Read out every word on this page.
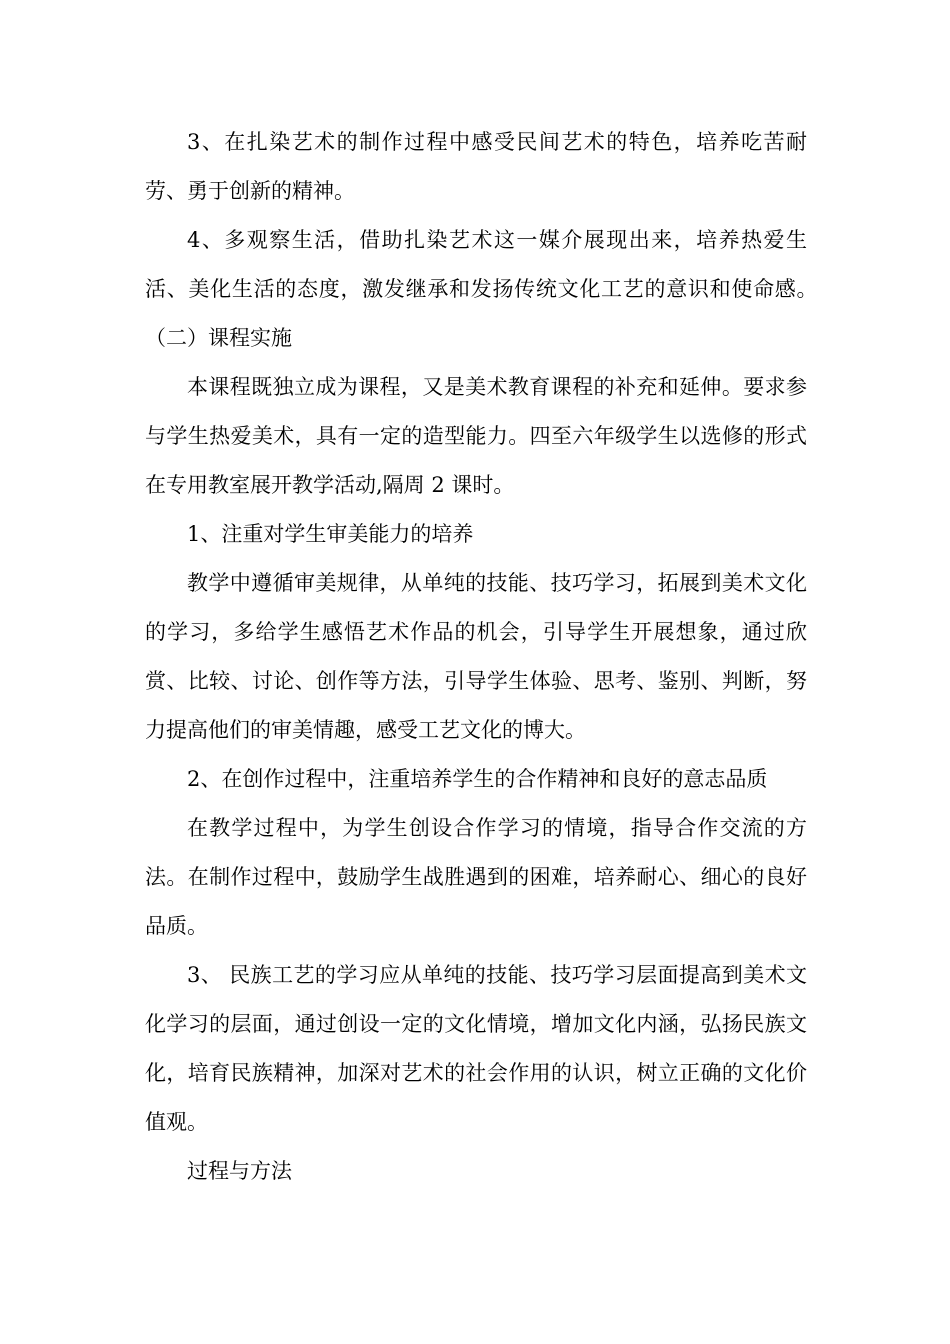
3、在扎染艺术的制作过程中感受民间艺术的特色，培养吃苦耐劳、勇于创新的精神。

4、多观察生活，借助扎染艺术这一媒介展现出来，培养热爱生活、美化生活的态度，激发继承和发扬传统文化工艺的意识和使命感。　（二）课程实施

本课程既独立成为课程，又是美术教育课程的补充和延伸。要求参与学生热爱美术，具有一定的造型能力。四至六年级学生以选修的形式在专用教室展开教学活动,隔周 2 课时。

1、注重对学生审美能力的培养

教学中遵循审美规律，从单纯的技能、技巧学习，拓展到美术文化的学习，多给学生感悟艺术作品的机会，引导学生开展想象，通过欣赏、比较、讨论、创作等方法，引导学生体验、思考、鉴别、判断，努力提高他们的审美情趣，感受工艺文化的博大。

2、在创作过程中，注重培养学生的合作精神和良好的意志品质

在教学过程中，为学生创设合作学习的情境，指导合作交流的方法。在制作过程中，鼓励学生战胜遇到的困难，培养耐心、细心的良好品质。

3、 民族工艺的学习应从单纯的技能、技巧学习层面提高到美术文化学习的层面，通过创设一定的文化情境，增加文化内涵，弘扬民族文化，培育民族精神，加深对艺术的社会作用的认识，树立正确的文化价值观。

过程与方法
